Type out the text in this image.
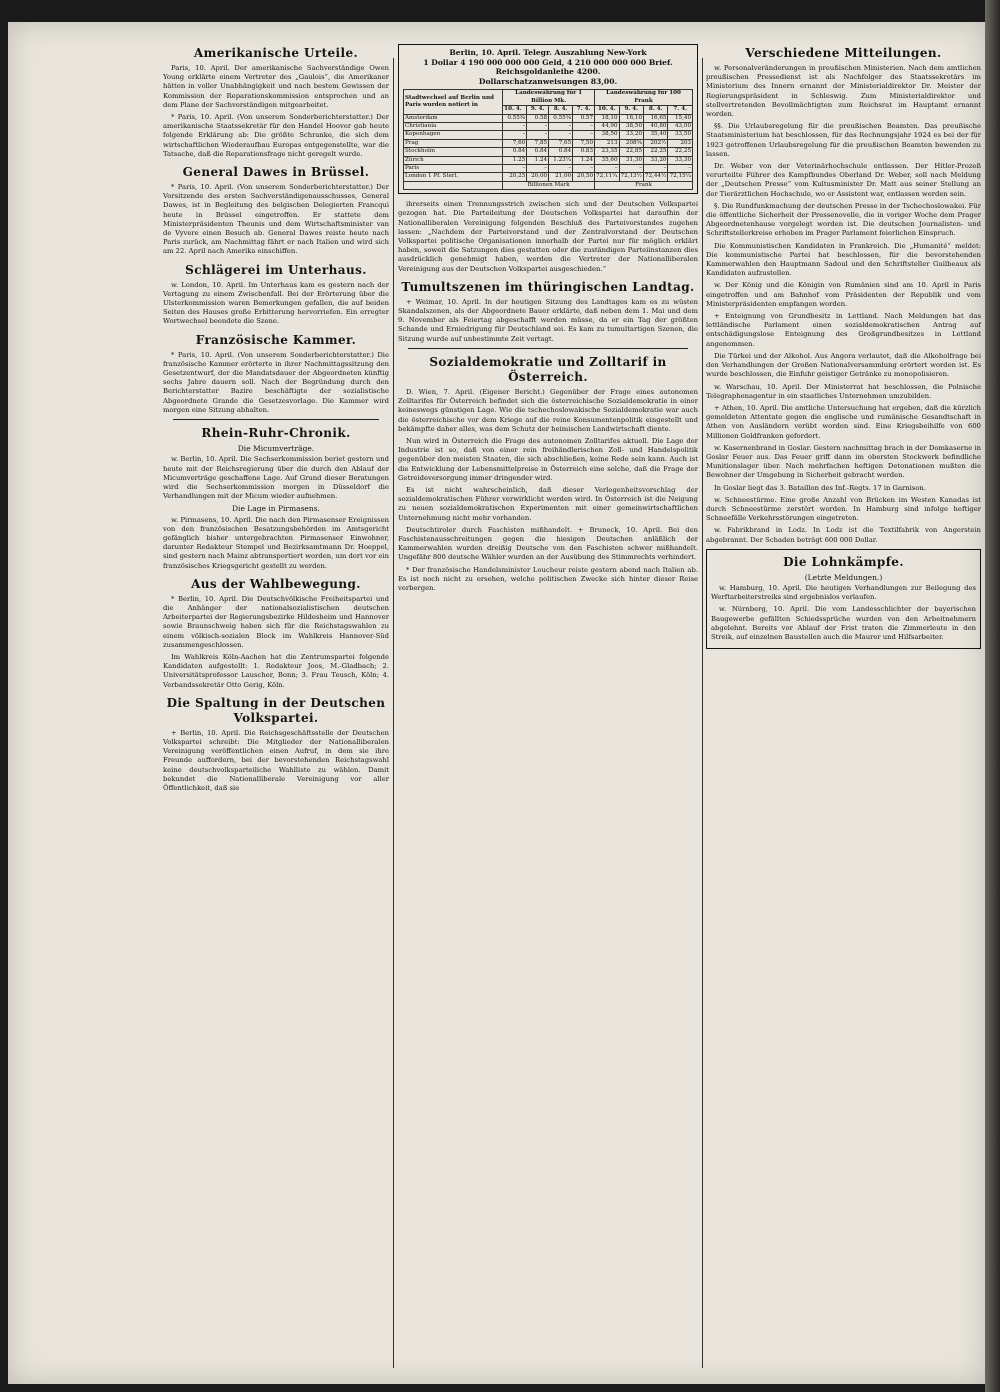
Amerikanische Urteile.

Paris, 10. April. Der amerikanische Sachverständige Owen Young erklärte einem Vertreter des „Gaulois“, die Amerikaner hätten in voller Unabhängigkeit und nach bestem Gewissen der Kommission der Reparationskommission entsprochen und an dem Plane der Sachverständigen mitgearbeitet.

* Paris, 10. April. (Von unserem Sonderberichterstatter.) Der amerikanische Staatssekretär für den Handel Hoover gab heute folgende Erklärung ab: Die größte Schranke, die sich dem wirtschaftlichen Wiederaufbau Europas entgegenstellte, war die Tatsache, daß die Reparationsfrage nicht geregelt wurde.

General Dawes in Brüssel.

* Paris, 10. April. (Von unserem Sonderberichterstatter.) Der Vorsitzende des ersten Sachverständigenausschusses, General Dawes, ist in Begleitung des belgischen Delegierten Francqui heute in Brüssel eingetroffen. Er stattete dem Ministerpräsidenten Theunis und dem Wirtschaftsminister van de Vyvere einen Besuch ab. General Dawes reiste heute nach Paris zurück, am Nachmittag fährt er nach Italien und wird sich am 22. April nach Amerika einschiffen.

Schlägerei im Unterhaus.

w. London, 10. April. Im Unterhaus kam es gestern nach der Vertagung zu einem Zwischenfall. Bei der Erörterung über die Ulsterkommission waren Bemerkungen gefallen, die auf beiden Seiten des Hauses große Erbitterung hervorriefen. Ein erregter Wortwechsel beendete die Szene.

Französische Kammer.

* Paris, 10. April. (Von unserem Sonderberichterstatter.) Die französische Kammer erörterte in ihrer Nachmittagssitzung den Gesetzentwurf, der die Mandatsdauer der Abgeordneten künftig sechs Jahre dauern soll. Nach der Begründung durch den Berichterstatter Bazire beschäftigte der sozialistische Abgeordnete Grande die Gesetzesvorlage. Die Kammer wird morgen eine Sitzung abhalten.

Rhein-Ruhr-Chronik.
Die Micumverträge.

w. Berlin, 10. April. Die Sechserkommission beriet gestern und heute mit der Reichsregierung über die durch den Ablauf der Micumverträge geschaffene Lage. Auf Grund dieser Beratungen wird die Sechserkommission morgen in Düsseldorf die Verhandlungen mit der Micum wieder aufnehmen.

Die Lage in Pirmasens.

w. Pirmasens, 10. April. Die nach den Pirmasenser Ereignissen von den französischen Besatzungsbehörden im Amtsgericht gefänglich bisher untergebrachten Pirmasenser Einwohner, darunter Redakteur Stempel und Bezirksamtmann Dr. Hoeppel, sind gestern nach Mainz abtransportiert worden, um dort vor ein französisches Kriegsgericht gestellt zu werden.

Aus der Wahlbewegung.

* Berlin, 10. April. Die Deutschvölkische Freiheitspartei und die Anhänger der nationalsozialistischen deutschen Arbeiterpartei der Regierungsbezirke Hildesheim und Hannover sowie Braunschweig haben sich für die Reichstagswahlen zu einem völkisch-sozialen Block im Wahlkreis Hannover-Süd zusammengeschlossen.

Im Wahlkreis Köln-Aachen hat die Zentrumspartei folgende Kandidaten aufgestellt: 1. Redakteur Joos, M.-Gladbach; 2. Universitätsprofessor Lauscher, Bonn; 3. Frau Teusch, Köln; 4. Verbandssekretär Otto Gerig, Köln.

Die Spaltung in der Deutschen Volkspartei.

+ Berlin, 10. April. Die Reichsgeschäftsstelle der Deutschen Volkspartei schreibt: Die Mitglieder der Nationalliberalen Vereinigung veröffentlichen einen Aufruf, in dem sie ihre Freunde auffordern, bei der bevorstehenden Reichstagswahl keine deutschvolksparteiliche Wahlliste zu wählen. Damit bekundet die Nationalliberale Vereinigung vor aller Öffentlichkeit, daß sie

Berlin, 10. April. Telegr. Auszahlung New-York
1 Dollar 4 190 000 000 000 Geld, 4 210 000 000 000 Brief.
Reichsgoldanleihe 4200.
Dollarschatzanweisungen 83,00.
Stadtwechsel auf Berlin und Paris wurden notiert in	Landeswährung für 1 Billion Mk.				Landeswährung für 100 Frank			
	10. 4.	9. 4.	8. 4.	7. 4.	10. 4.	9. 4.	8. 4.	7. 4.
Amsterdam	0.55⅜	0.58	0.55⅜	0.57	18,10	16,10	16,65	15,40
Christiania	–	–	–	–	44,90	38,50	40,80	43,00
Kopenhagen	–	–	–	–	38,50	33,20	35,40	33,50
Prag	7,60	7,85	7,65	7,50	213	208⅝	202½	203
Stockholm	0.84	0.84	0.84	0.83	23,35	22,85	22,25	22,25
Zürich	1.25	1.24	1.23¼	1.24	35,60	31,30	33,20	33,30
Paris	–	–	–	–	–	–	–	–
London 1 Pf. Sterl.	20,25	20,00	21,00	20,50	72,11¼	72,13½	72,44½	72,15¼
	Billionen Mark				Frank			

ihrerseits einen Trennungsstrich zwischen sich und der Deutschen Volkspartei gezogen hat. Die Parteileitung der Deutschen Volkspartei hat daraufhin der Nationalliberalen Vereinigung folgenden Beschluß des Parteivorstandes zugehen lassen: „Nachdem der Parteivorstand und der Zentralvorstand der Deutschen Volkspartei politische Organisationen innerhalb der Partei nur für möglich erklärt haben, soweit die Satzungen dies gestatten oder die zuständigen Parteiinstanzen dies ausdrücklich genehmigt haben, werden die Vertreter der Nationalliberalen Vereinigung aus der Deutschen Volkspartei ausgeschieden.“

Tumultszenen im thüringischen Landtag.

+ Weimar, 10. April. In der heutigen Sitzung des Landtages kam es zu wüsten Skandalszenen, als der Abgeordnete Bauer erklärte, daß neben dem 1. Mai und dem 9. November als Feiertag abgeschafft werden müsse, da er ein Tag der größten Schande und Erniedrigung für Deutschland sei. Es kam zu tumultartigen Szenen, die Sitzung wurde auf unbestimmte Zeit vertagt.

Sozialdemokratie und Zolltarif in Österreich.

D. Wien, 7. April. (Eigener Bericht.) Gegenüber der Frage eines autonomen Zolltarifes für Österreich befindet sich die österreichische Sozialdemokratie in einer keineswegs günstigen Lage. Wie die tschechoslowakische Sozialdemokratie war auch die österreichische vor dem Kriege auf die reine Konsumentenpolitik eingestellt und bekämpfte daher alles, was dem Schutz der heimischen Landwirtschaft diente.

Nun wird in Österreich die Frage des autonomen Zolltarifes aktuell. Die Lage der Industrie ist so, daß von einer rein freihändlerischen Zoll- und Handelspolitik gegenüber den meisten Staaten, die sich abschließen, keine Rede sein kann. Auch ist die Entwicklung der Lebensmittelpreise in Österreich eine solche, daß die Frage der Getreideversorgung immer dringender wird.

Es ist nicht wahrscheinlich, daß dieser Verlegenheitsvorschlag der sozialdemokratischen Führer verwirklicht werden wird. In Österreich ist die Neigung zu neuen sozialdemokratischen Experimenten mit einer gemeinwirtschaftlichen Unternehmung nicht mehr vorhanden.

Deutschtiroler durch Faschisten mißhandelt. + Bruneck, 10. April. Bei den Faschistenausschreitungen gegen die hiesigen Deutschen anläßlich der Kammerwahlen wurden dreißig Deutsche von den Faschisten schwer mißhandelt. Ungefähr 800 deutsche Wähler wurden an der Ausübung des Stimmrechts verhindert.

* Der französische Handelsminister Loucheur reiste gestern abend nach Italien ab. Es ist noch nicht zu ersehen, welche politischen Zwecke sich hinter dieser Reise verbergen.

Verschiedene Mitteilungen.

w. Personalveränderungen in preußischen Ministerien. Nach dem amtlichen preußischen Pressedienst ist als Nachfolger des Staatssekretärs im Ministerium des Innern ernannt der Ministerialdirektor Dr. Meister der Regierungspräsident in Schleswig. Zum Ministerialdirektor und stellvertretenden Bevollmächtigten zum Reichsrat im Hauptamt ernannt worden.

§§. Die Urlaubsregelung für die preußischen Beamten. Das preußische Staatsministerium hat beschlossen, für das Rechnungsjahr 1924 es bei der für 1923 getroffenen Urlaubsregelung für die preußischen Beamten bewenden zu lassen.

Dr. Weber von der Veterinärhochschule entlassen. Der Hitler-Prozeß verurteilte Führer des Kampfbundes Oberland Dr. Weber, soll nach Meldung der „Deutschen Presse“ vom Kultusminister Dr. Matt aus seiner Stellung an der Tierärztlichen Hochschule, wo er Assistent war, entlassen werden sein.

§. Die Rundfunkmachung der deutschen Presse in der Tschechoslowakei. Für die öffentliche Sicherheit der Pressenovelle, die in voriger Woche dem Prager Abgeordnetenhause vorgelegt worden ist. Die deutschen Journalisten- und Schriftstellerkreise erhoben im Prager Parlament feierlichen Einspruch.

Die Kommunistischen Kandidaten in Frankreich. Die „Humanité“ meldet: Die kommunistische Partei hat beschlossen, für die bevorstehenden Kammerwahlen den Hauptmann Sadoul und den Schriftsteller Guilbeaux als Kandidaten aufzustellen.

w. Der König und die Königin von Rumänien sind am 10. April in Paris eingetroffen und am Bahnhof vom Präsidenten der Republik und vom Ministerpräsidenten empfangen worden.

+ Enteignung von Grundbesitz in Lettland. Nach Meldungen hat das lettländische Parlament einen sozialdemokratischen Antrag auf entschädigungslose Enteignung des Großgrundbesitzes in Lettland angenommen.

Die Türkei und der Alkohol. Aus Angora verlautet, daß die Alkoholfrage bei den Verhandlungen der Großen Nationalversammlung erörtert worden ist. Es wurde beschlossen, die Einfuhr geistiger Getränke zu monopolisieren.

w. Warschau, 10. April. Der Ministerrat hat beschlossen, die Polnische Telegraphenagentur in ein staatliches Unternehmen umzubilden.

+ Athen, 10. April. Die amtliche Untersuchung hat ergeben, daß die kürzlich gemeldeten Attentate gegen die englische und rumänische Gesandtschaft in Athen von Ausländern verübt worden sind. Eine Kriegsbeihilfe von 600 Millionen Goldfranken gefordert.

w. Kasernenbrand in Goslar. Gestern nachmittag brach in der Domkaserne in Goslar Feuer aus. Das Feuer griff dann im obersten Stockwerk befindliche Munitionslager über. Nach mehrfachen heftigen Detonationen mußten die Bewohner der Umgebung in Sicherheit gebracht werden.

In Goslar liegt das 3. Bataillon des Inf.-Regts. 17 in Garnison.

w. Schneestürme. Eine große Anzahl von Brücken im Westen Kanadas ist durch Schneestürme zerstört worden. In Hamburg sind infolge heftiger Schneefälle Verkehrsstörungen eingetreten.

w. Fabrikbrand in Lodz. In Lodz ist die Textilfabrik von Angerstein abgebrannt. Der Schaden beträgt 600 000 Dollar.

Die Lohnkämpfe.
(Letzte Meldungen.)

w. Hamburg, 10. April. Die heutigen Verhandlungen zur Beilegung des Werftarbeiterstreiks sind ergebnislos verlaufen.

w. Nürnberg, 10. April. Die vom Landesschlichter der bayerischen Baugewerbe gefällten Schiedssprüche wurden von den Arbeitnehmern abgelehnt. Bereits vor Ablauf der Frist traten die Zimmerleute in den Streik, auf einzelnen Baustellen auch die Maurer und Hilfsarbeiter.
